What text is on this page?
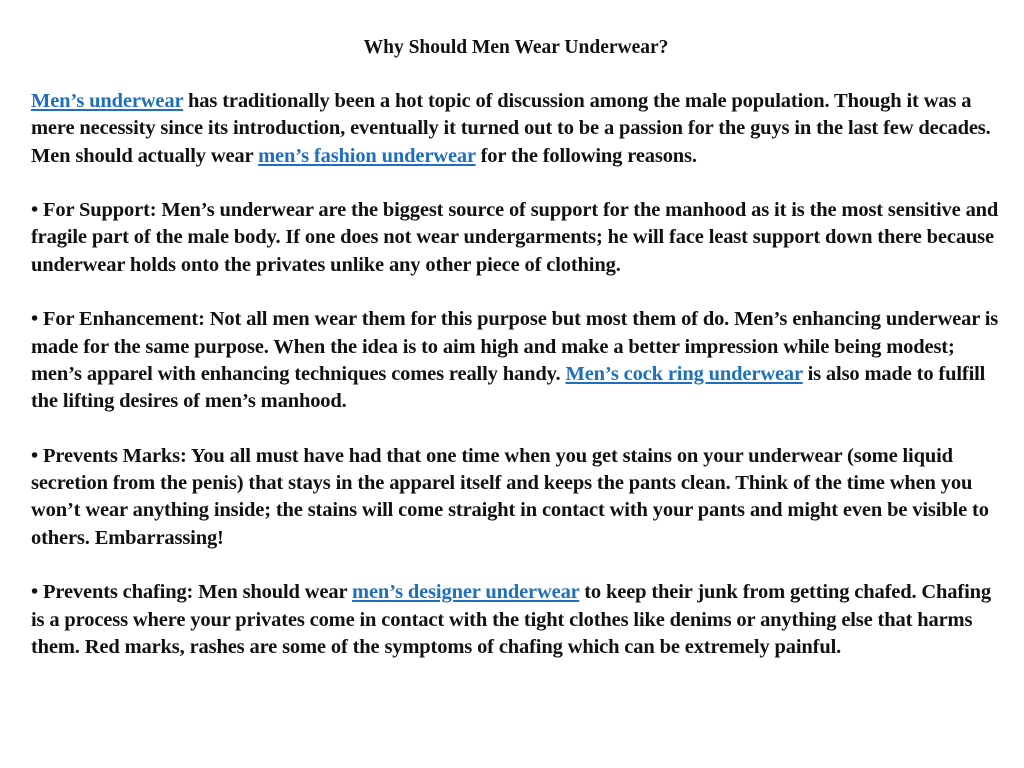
Why Should Men Wear Underwear?

Men’s underwear has traditionally been a hot topic of discussion among the male population. Though it was a mere necessity since its introduction, eventually it turned out to be a passion for the guys in the last few decades. Men should actually wear men’s fashion underwear for the following reasons.

• For Support: Men’s underwear are the biggest source of support for the manhood as it is the most sensitive and fragile part of the male body. If one does not wear undergarments; he will face least support down there because underwear holds onto the privates unlike any other piece of clothing.

• For Enhancement: Not all men wear them for this purpose but most them of do. Men’s enhancing underwear is made for the same purpose. When the idea is to aim high and make a better impression while being modest; men’s apparel with enhancing techniques comes really handy. Men’s cock ring underwear is also made to fulfill the lifting desires of men’s manhood.

• Prevents Marks: You all must have had that one time when you get stains on your underwear (some liquid secretion from the penis) that stays in the apparel itself and keeps the pants clean. Think of the time when you won’t wear anything inside; the stains will come straight in contact with your pants and might even be visible to others. Embarrassing!

• Prevents chafing: Men should wear men’s designer underwear to keep their junk from getting chafed. Chafing is a process where your privates come in contact with the tight clothes like denims or anything else that harms them. Red marks, rashes are some of the symptoms of chafing which can be extremely painful.
